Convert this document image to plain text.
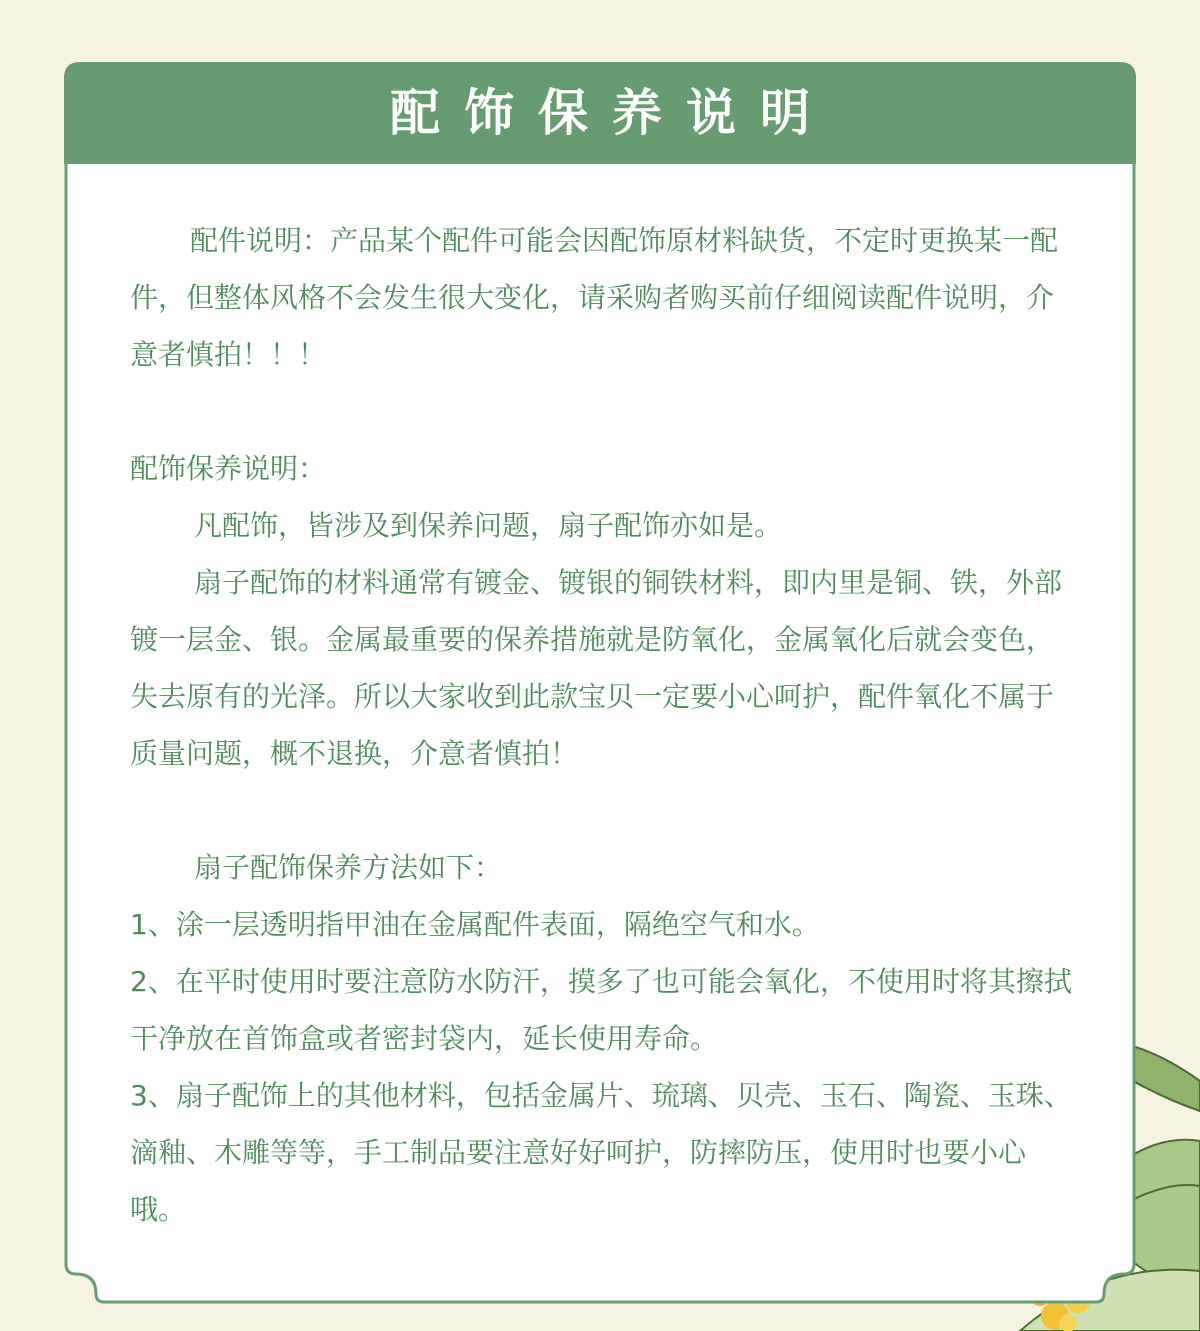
配饰保养说明

配件说明：产品某个配件可能会因配饰原材料缺货，不定时更换某一配件，但整体风格不会发生很大变化，请采购者购买前仔细阅读配件说明，介意者慎拍！！！

配饰保养说明：

凡配饰，皆涉及到保养问题，扇子配饰亦如是。

扇子配饰的材料通常有镀金、镀银的铜铁材料，即内里是铜、铁，外部镀一层金、银。金属最重要的保养措施就是防氧化，金属氧化后就会变色，失去原有的光泽。所以大家收到此款宝贝一定要小心呵护，配件氧化不属于质量问题，概不退换，介意者慎拍！

扇子配饰保养方法如下：

1、涂一层透明指甲油在金属配件表面，隔绝空气和水。

2、在平时使用时要注意防水防汗，摸多了也可能会氧化，不使用时将其擦拭干净放在首饰盒或者密封袋内，延长使用寿命。

3、扇子配饰上的其他材料，包括金属片、琉璃、贝壳、玉石、陶瓷、玉珠、滴釉、木雕等等，手工制品要注意好好呵护，防摔防压，使用时也要小心哦。
